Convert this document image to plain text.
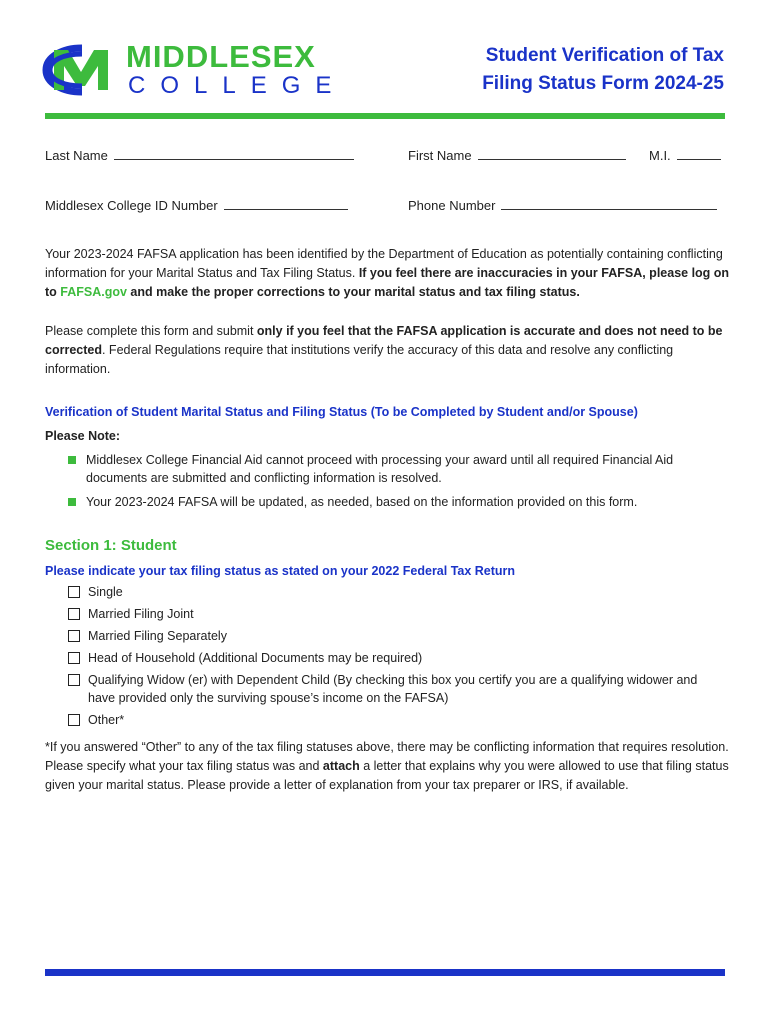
MIDDLESEX
COLLEGE
Student Verification of Tax
Filing Status Form 2024-25
Last Name	First Name	M.I.
Middlesex College ID Number	Phone Number
Your 2023-2024 FAFSA application has been identified by the Department of Education as potentially containing conflicting information for your Marital Status and Tax Filing Status. If you feel there are inaccuracies in your FAFSA, please log on to FAFSA.gov and make the proper corrections to your marital status and tax filing status.
Please complete this form and submit only if you feel that the FAFSA application is accurate and does not need to be corrected. Federal Regulations require that institutions verify the accuracy of this data and resolve any conflicting information.
Verification of Student Marital Status and Filing Status (To be Completed by Student and/or Spouse)
Please Note:
Middlesex College Financial Aid cannot proceed with processing your award until all required Financial Aid documents are submitted and conflicting information is resolved.
Your 2023-2024 FAFSA will be updated, as needed, based on the information provided on this form.
Section 1: Student
Please indicate your tax filing status as stated on your 2022 Federal Tax Return
Single
Married Filing Joint
Married Filing Separately
Head of Household (Additional Documents may be required)
Qualifying Widow (er) with Dependent Child (By checking this box you certify you are a qualifying widower and have provided only the surviving spouse’s income on the FAFSA)
Other*
*If you answered “Other” to any of the tax filing statuses above, there may be conflicting information that requires resolution. Please specify what your tax filing status was and attach a letter that explains why you were allowed to use that filing status given your marital status. Please provide a letter of explanation from your tax preparer or IRS, if available.
